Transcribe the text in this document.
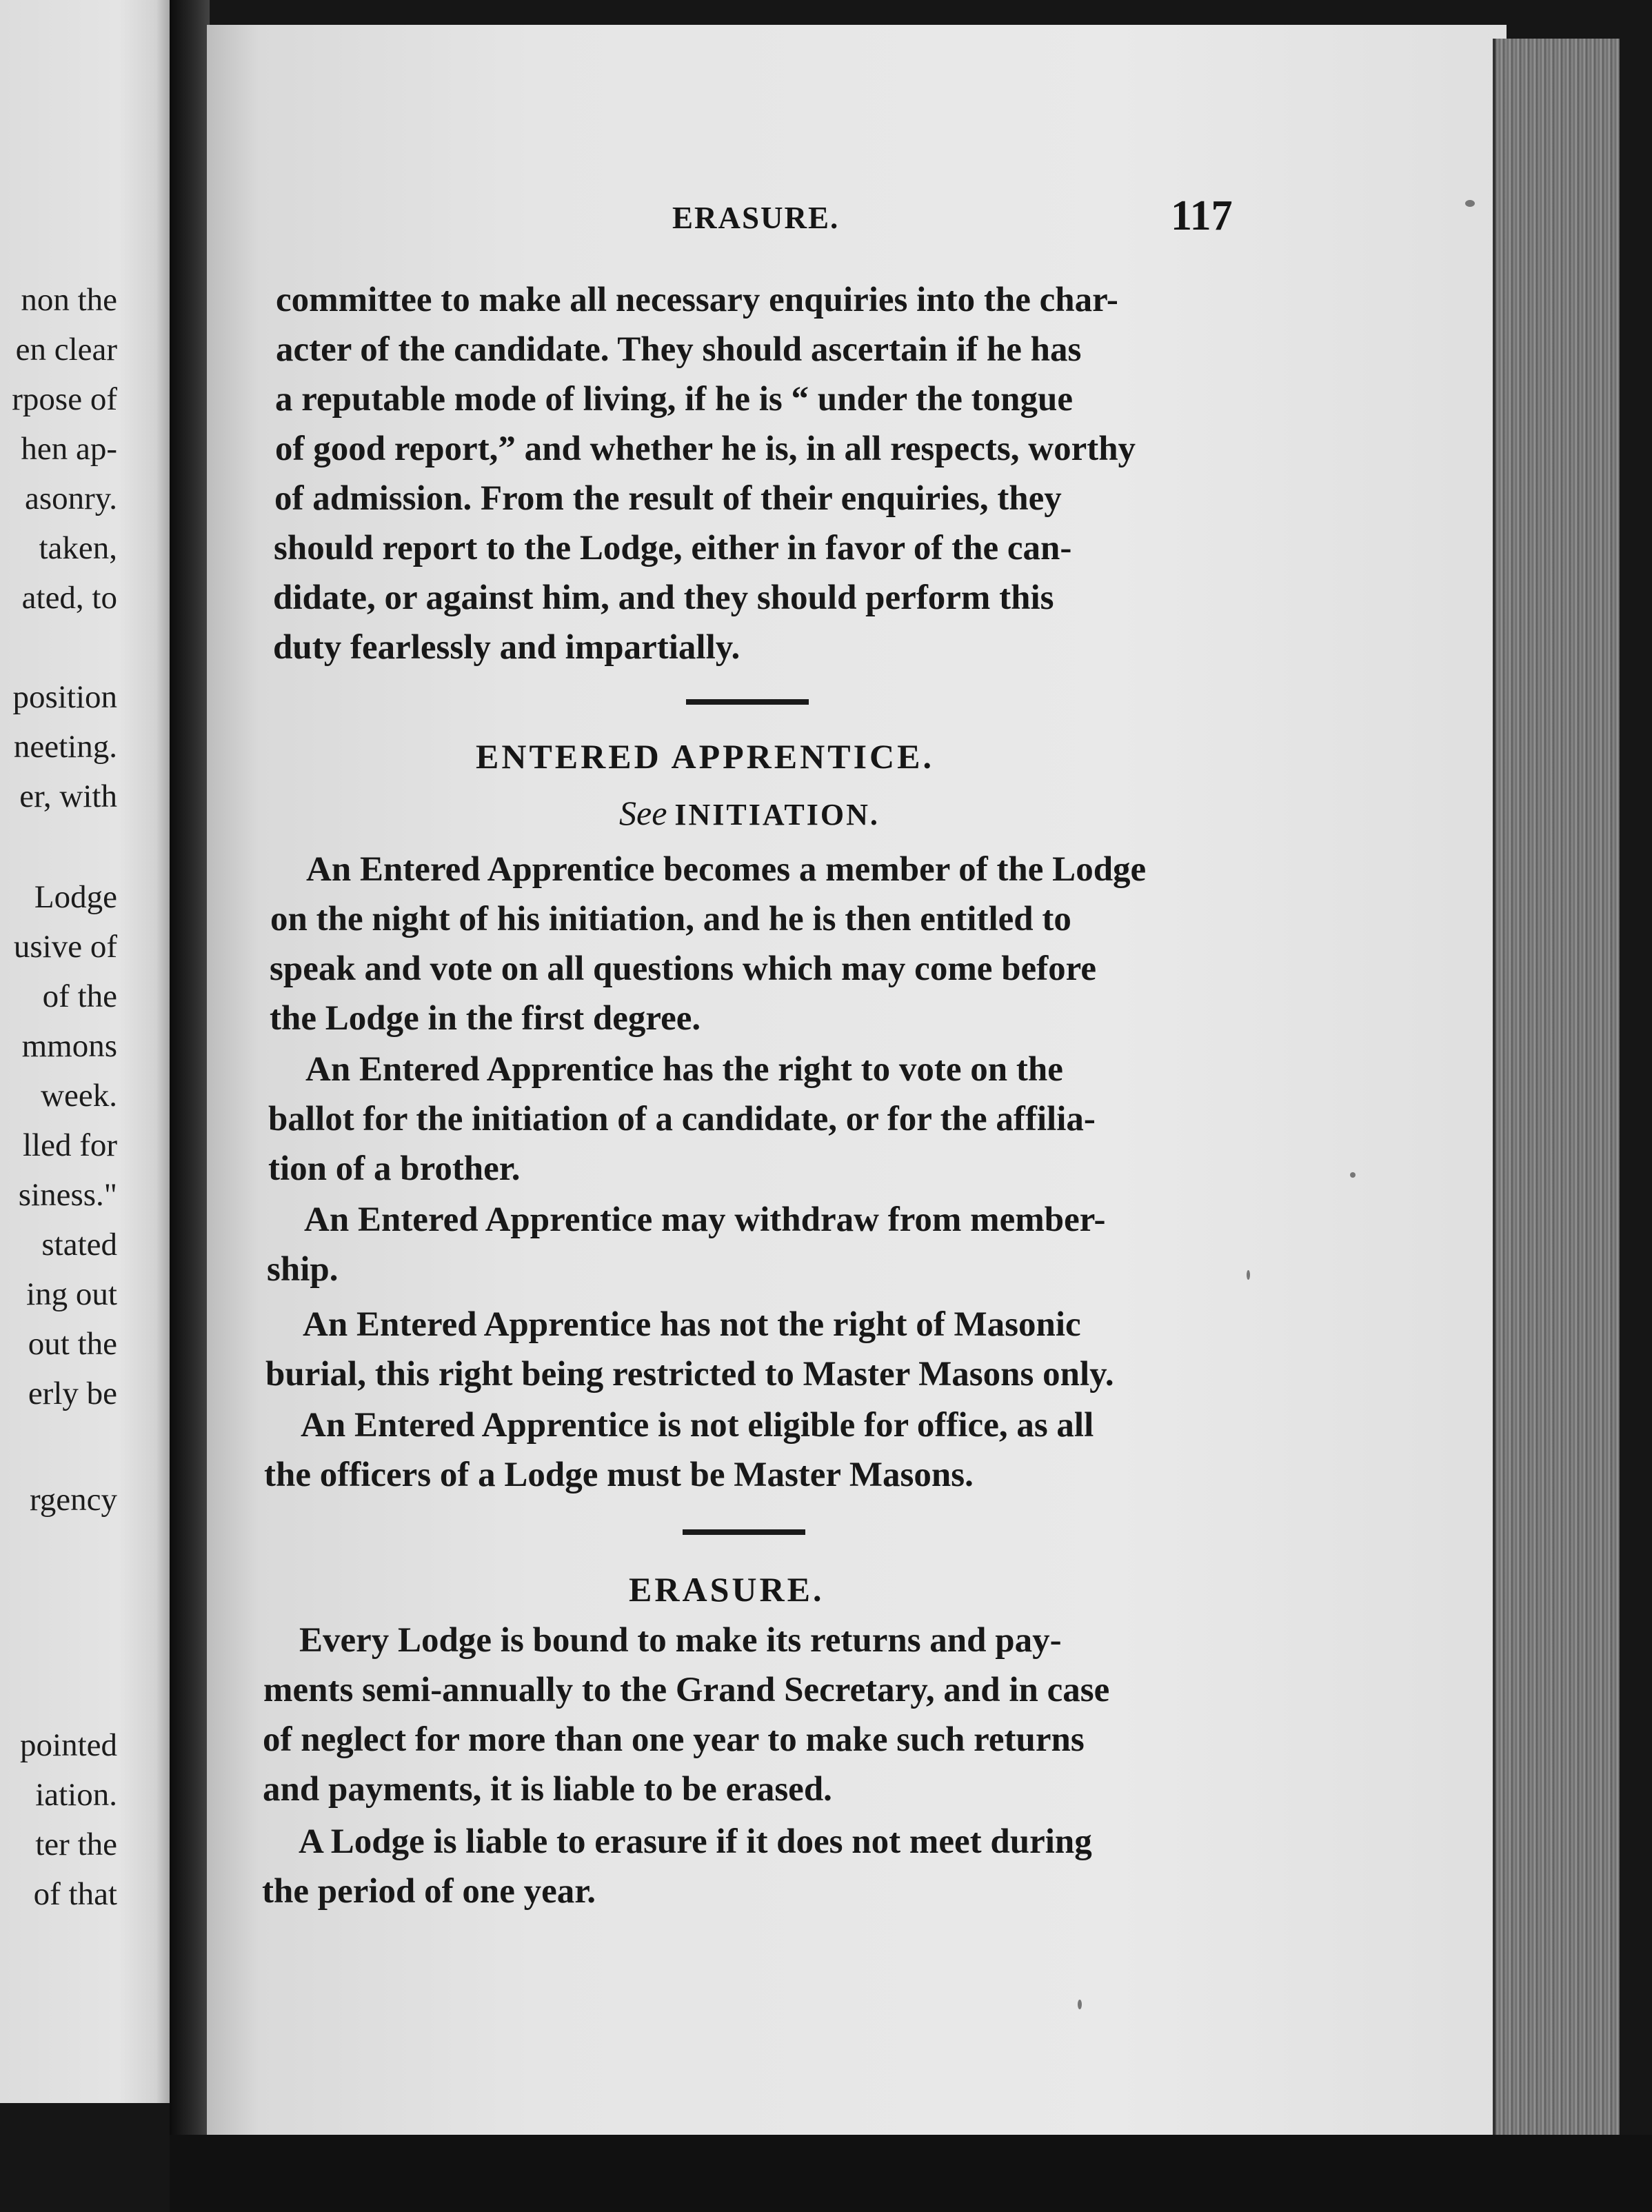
non the
en clear
rpose of
hen ap-
asonry.
taken,
ated, to
position
neeting.
er, with
Lodge
usive of
of the
mmons
week.
lled for
siness."
stated
ing out
out the
erly be
rgency
pointed
iation.
ter the
of that
ERASURE.	117
committee to make all necessary enquiries into the char-
acter of the candidate. They should ascertain if he has
a reputable mode of living, if he is “ under the tongue
of good report,” and whether he is, in all respects, worthy
of admission. From the result of their enquiries, they
should report to the Lodge, either in favor of the can-
didate, or against him, and they should perform this
duty fearlessly and impartially.
ENTERED APPRENTICE.
See INITIATION.
An Entered Apprentice becomes a member of the Lodge
on the night of his initiation, and he is then entitled to
speak and vote on all questions which may come before
the Lodge in the first degree.
An Entered Apprentice has the right to vote on the
ballot for the initiation of a candidate, or for the affilia-
tion of a brother.
An Entered Apprentice may withdraw from member-
ship.
An Entered Apprentice has not the right of Masonic
burial, this right being restricted to Master Masons only.
An Entered Apprentice is not eligible for office, as all
the officers of a Lodge must be Master Masons.
ERASURE.
Every Lodge is bound to make its returns and pay-
ments semi-annually to the Grand Secretary, and in case
of neglect for more than one year to make such returns
and payments, it is liable to be erased.
A Lodge is liable to erasure if it does not meet during
the period of one year.
